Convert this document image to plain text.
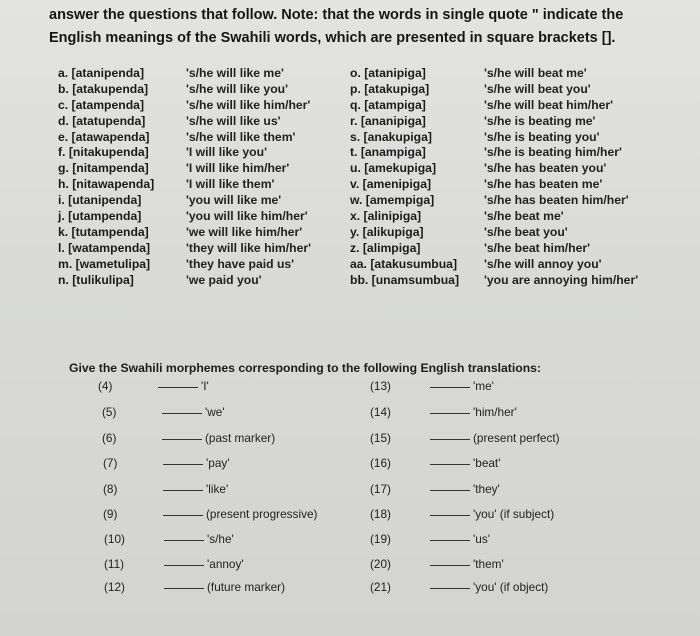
answer the questions that follow. Note: that the words in single quote " indicate the English meanings of the Swahili words, which are presented in square brackets [].
a. [atanipenda]	's/he will like me'
b. [atakupenda]	's/he will like you'
c. [atampenda]	's/he will like him/her'
d. [atatupenda]	's/he will like us'
e. [atawapenda]	's/he will like them'
f. [nitakupenda]	'I will like you'
g. [nitampenda]	'I will like him/her'
h. [nitawapenda]	'I will like them'
i. [utanipenda]	'you will like me'
j. [utampenda]	'you will like him/her'
k. [tutampenda]	'we will like him/her'
l. [watampenda]	'they will like him/her'
m. [wametulipa]	'they have paid us'
n. [tulikulipa]	'we paid you'
o. [atanipiga]	's/he will beat me'
p. [atakupiga]	's/he will beat you'
q. [atampiga]	's/he will beat him/her'
r. [ananipiga]	's/he is beating me'
s. [anakupiga]	's/he is beating you'
t. [anampiga]	's/he is beating him/her'
u. [amekupiga]	's/he has beaten you'
v. [amenipiga]	's/he has beaten me'
w. [amempiga]	's/he has beaten him/her'
x. [alinipiga]	's/he beat me'
y. [alikupiga]	's/he beat you'
z. [alimpiga]	's/he beat him/her'
aa. [atakusumbua] 's/he will annoy you'
bb. [unamsumbua] 'you are annoying him/her'
Give the Swahili morphemes corresponding to the following English translations:
(4)	'I'
(5)	'we'
(6)	(past marker)
(7)	'pay'
(8)	'like'
(9)	(present progressive)
(10)	's/he'
(11)	'annoy'
(12)	(future marker)
(13)	'me'
(14)	'him/her'
(15)	(present perfect)
(16)	'beat'
(17)	'they'
(18)	'you' (if subject)
(19)	'us'
(20)	'them'
(21)	'you' (if object)
